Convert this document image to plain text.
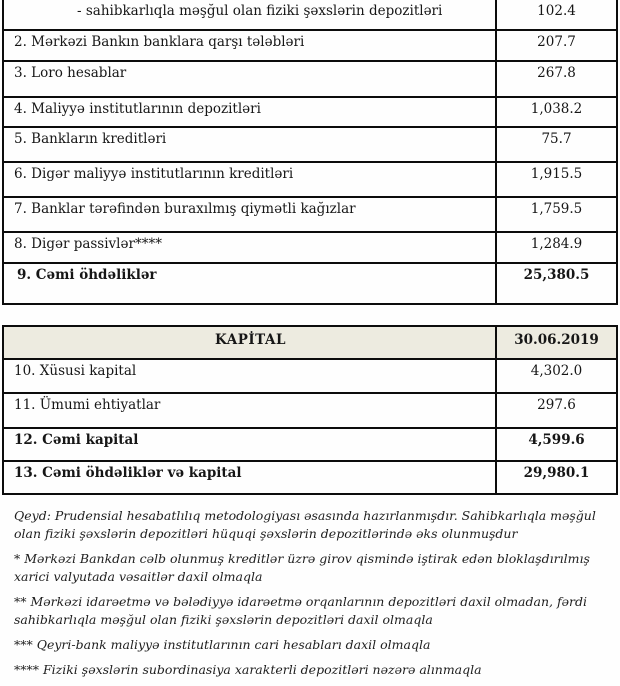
- sahibkarlıqla məşğul olan fiziki şəxslərin depozitləri	102.4
2. Mərkəzi Bankın banklara qarşı tələbləri	207.7
3. Loro hesablar	267.8
4. Maliyyə institutlarının depozitləri	1,038.2
5. Bankların kreditləri	75.7
6. Digər maliyyə institutlarının kreditləri	1,915.5
7. Banklar tərəfindən buraxılmış qiymətli kağızlar	1,759.5
8. Digər passivlər****	1,284.9
9. Cəmi öhdəliklər	25,380.5
KAPİTAL	30.06.2019
10. Xüsusi kapital	4,302.0
11. Ümumi ehtiyatlar	297.6
12. Cəmi kapital	4,599.6
13. Cəmi öhdəliklər və kapital	29,980.1

Qeyd: Prudensial hesabatlılıq metodologiyası əsasında hazırlanmışdır. Sahibkarlıqla məşğul olan fiziki şəxslərin depozitləri hüquqi şəxslərin depozitlərində əks olunmuşdur

* Mərkəzi Bankdan cəlb olunmuş kreditlər üzrə girov qismində iştirak edən bloklaşdırılmış xarici valyutada vəsaitlər daxil olmaqla

** Mərkəzi idarəetmə və bələdiyyə idarəetmə orqanlarının depozitləri daxil olmadan, fərdi sahibkarlıqla məşğul olan fiziki şəxslərin depozitləri daxil olmaqla

*** Qeyri-bank maliyyə institutlarının cari hesabları daxil olmaqla

**** Fiziki şəxslərin subordinasiya xarakterli depozitləri nəzərə alınmaqla
